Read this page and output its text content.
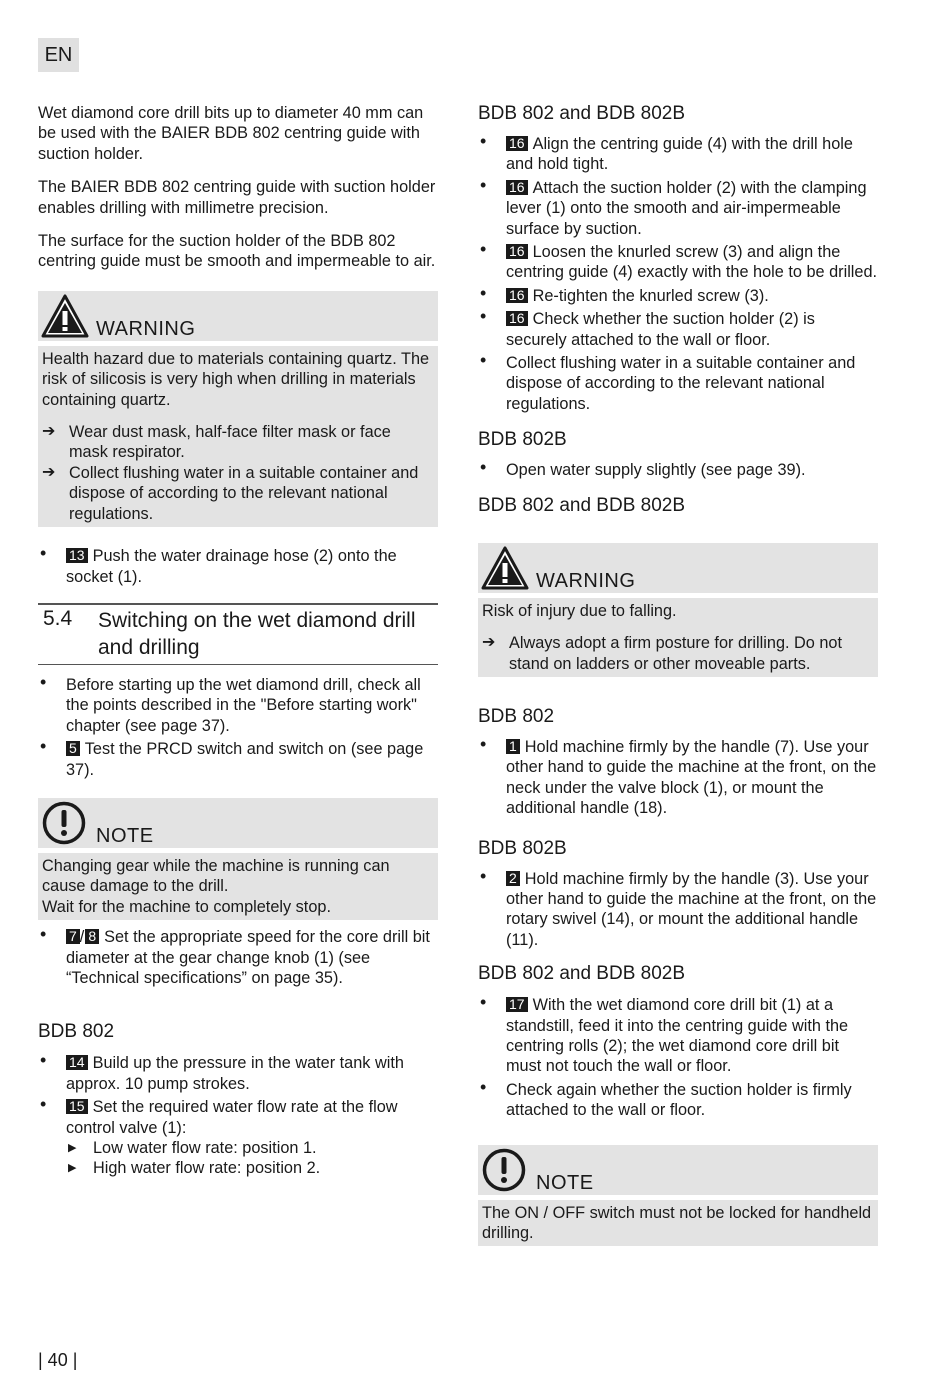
EN

Wet diamond core drill bits up to diameter 40 mm can be used with the BAIER BDB 802 centring guide with suction holder.

The BAIER BDB 802 centring guide with suction holder enables drilling with millimetre precision.

The surface for the suction holder of the BDB 802 centring guide must be smooth and impermeable to air.

WARNING

Health hazard due to materials containing quartz. The risk of silicosis is very high when drilling in materials containing quartz.

➔ Wear dust mask, half-face filter mask or face mask respirator.
➔ Collect flushing water in a suitable container and dispose of according to the relevant national regulations.
• 13 Push the water drainage hose (2) onto the socket (1).
5.4	Switching on the wet diamond drill and drilling
• Before starting up the wet diamond drill, check all the points described in the "Before starting work" chapter (see page 37).
• 5 Test the PRCD switch and switch on (see page 37).
NOTE

Changing gear while the machine is running can cause damage to the drill.

Wait for the machine to completely stop.

• 7 / 8 Set the appropriate speed for the core drill bit diameter at the gear change knob (1) (see “Technical specifications” on page 35).
BDB 802
• 14 Build up the pressure in the water tank with approx. 10 pump strokes.
• 15 Set the required water flow rate at the flow control valve (1):
▶ Low water flow rate: position 1.
▶ High water flow rate: position 2.
BDB 802 and BDB 802B
• 16 Align the centring guide (4) with the drill hole and hold tight.
• 16 Attach the suction holder (2) with the clamping lever (1) onto the smooth and air-impermeable surface by suction.
• 16 Loosen the knurled screw (3) and align the centring guide (4) exactly with the hole to be drilled.
• 16 Re-tighten the knurled screw (3).
• 16 Check whether the suction holder (2) is securely attached to the wall or floor.
• Collect flushing water in a suitable container and dispose of according to the relevant national regulations.
BDB 802B
• Open water supply slightly (see page 39).
BDB 802 and BDB 802B
WARNING

Risk of injury due to falling.

➔ Always adopt a firm posture for drilling. Do not stand on ladders or other moveable parts.
BDB 802
• 1 Hold machine firmly by the handle (7). Use your other hand to guide the machine at the front, on the neck under the valve block (1), or mount the additional handle (18).
BDB 802B
• 2 Hold machine firmly by the handle (3). Use your other hand to guide the machine at the front, on the rotary swivel (14), or mount the additional handle (11).
BDB 802 and BDB 802B
• 17 With the wet diamond core drill bit (1) at a standstill, feed it into the centring guide with the centring rolls (2); the wet diamond core drill bit must not touch the wall or floor.
• Check again whether the suction holder is firmly attached to the wall or floor.
NOTE

The ON / OFF switch must not be locked for handheld drilling.

| 40 |
